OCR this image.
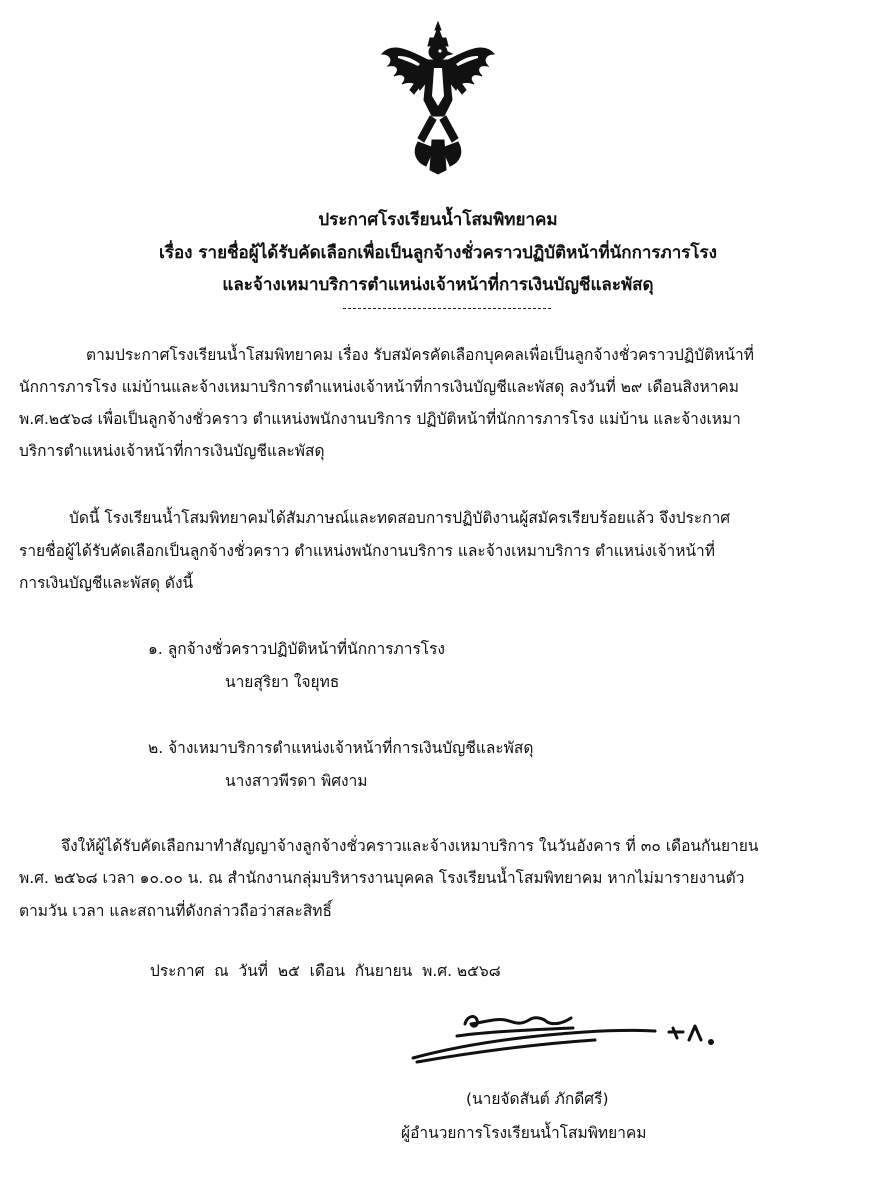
ประกาศโรงเรียนน้ำโสมพิทยาคม
เรื่อง รายชื่อผู้ได้รับคัดเลือกเพื่อเป็นลูกจ้างชั่วคราวปฏิบัติหน้าที่นักการภารโรง
และจ้างเหมาบริการตำแหน่งเจ้าหน้าที่การเงินบัญชีและพัสดุ
ตามประกาศโรงเรียนน้ำโสมพิทยาคม เรื่อง รับสมัครคัดเลือกบุคคลเพื่อเป็นลูกจ้างชั่วคราวปฏิบัติหน้าที่
นักการภารโรง แม่บ้านและจ้างเหมาบริการตำแหน่งเจ้าหน้าที่การเงินบัญชีและพัสดุ ลงวันที่ ๒๙ เดือนสิงหาคม
พ.ศ.๒๕๖๘ เพื่อเป็นลูกจ้างชั่วคราว ตำแหน่งพนักงานบริการ ปฏิบัติหน้าที่นักการภารโรง แม่บ้าน และจ้างเหมา
บริการตำแหน่งเจ้าหน้าที่การเงินบัญชีและพัสดุ
บัดนี้ โรงเรียนน้ำโสมพิทยาคมได้สัมภาษณ์และทดสอบการปฏิบัติงานผู้สมัครเรียบร้อยแล้ว จึงประกาศ
รายชื่อผู้ได้รับคัดเลือกเป็นลูกจ้างชั่วคราว ตำแหน่งพนักงานบริการ และจ้างเหมาบริการ ตำแหน่งเจ้าหน้าที่
การเงินบัญชีและพัสดุ ดังนี้
๑. ลูกจ้างชั่วคราวปฏิบัติหน้าที่นักการภารโรง
นายสุริยา ใจยุทธ
๒. จ้างเหมาบริการตำแหน่งเจ้าหน้าที่การเงินบัญชีและพัสดุ
นางสาวพีรดา พิศงาม
จึงให้ผู้ได้รับคัดเลือกมาทำสัญญาจ้างลูกจ้างชั่วคราวและจ้างเหมาบริการ ในวันอังคาร ที่ ๓๐ เดือนกันยายน
พ.ศ. ๒๕๖๘ เวลา ๑๐.๐๐ น. ณ สำนักงานกลุ่มบริหารงานบุคคล โรงเรียนน้ำโสมพิทยาคม หากไม่มารายงานตัว
ตามวัน เวลา และสถานที่ดังกล่าวถือว่าสละสิทธิ์
ประกาศ  ณ  วันที่  ๒๕  เดือน  กันยายน  พ.ศ. ๒๕๖๘
(นายจัดสันต์ ภักดีศรี)
ผู้อำนวยการโรงเรียนน้ำโสมพิทยาคม
